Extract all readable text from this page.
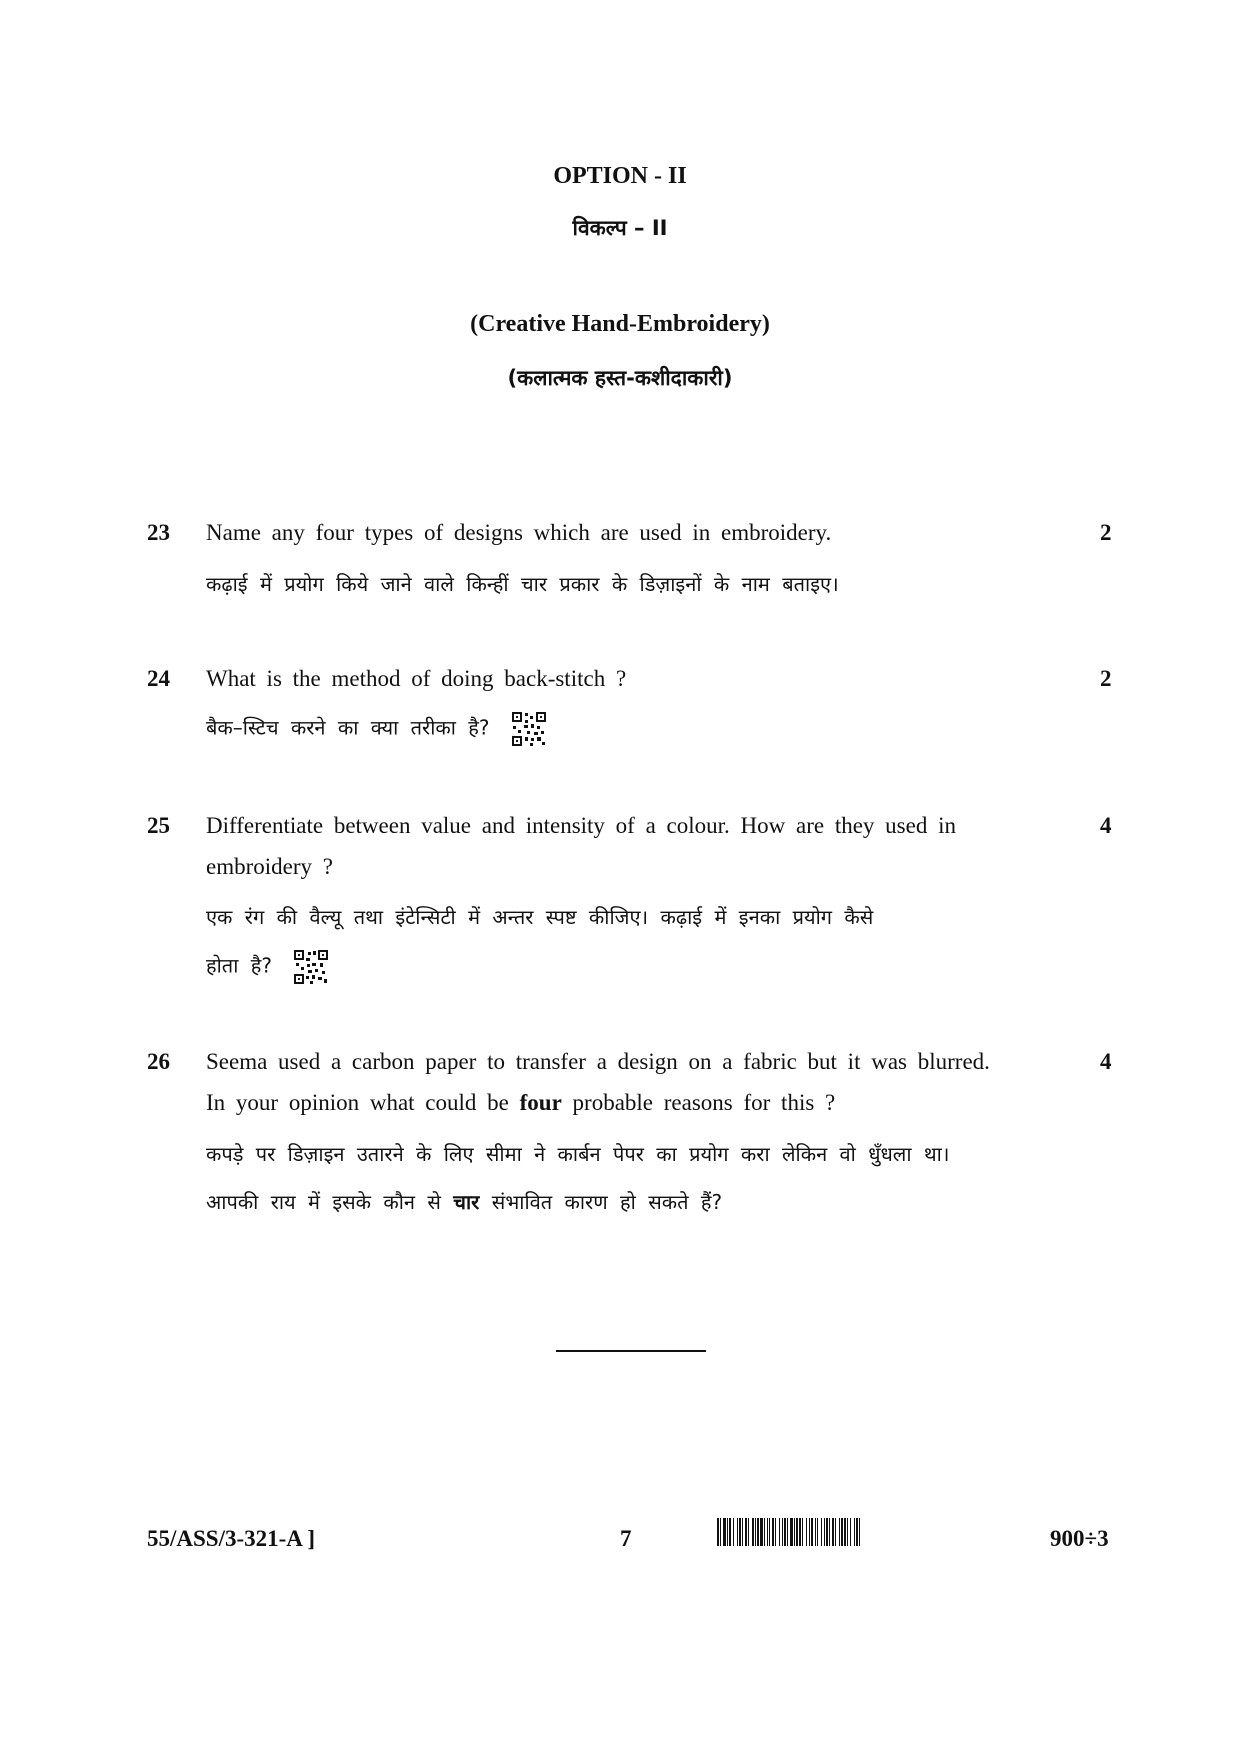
OPTION - II
विकल्प – II
(Creative Hand-Embroidery)
(कलात्मक हस्त-कशीदाकारी)
23 Name any four types of designs which are used in embroidery.	2
कढ़ाई में प्रयोग किये जाने वाले किन्हीं चार प्रकार के डिज़ाइनों के नाम बताइए।
24 What is the method of doing back-stitch ?	2
बैक–स्टिच करने का क्या तरीका है?
25 Differentiate between value and intensity of a colour. How are they used in	4
embroidery ?
एक रंग की वैल्यू तथा इंटेन्सिटी में अन्तर स्पष्ट कीजिए। कढ़ाई में इनका प्रयोग कैसे
होता है?
26 Seema used a carbon paper to transfer a design on a fabric but it was blurred.	4
In your opinion what could be four probable reasons for this ?
कपड़े पर डिज़ाइन उतारने के लिए सीमा ने कार्बन पेपर का प्रयोग करा लेकिन वो धुँधला था।
आपकी राय में इसके कौन से चार संभावित कारण हो सकते हैं?
55/ASS/3-321-A ]	7	900÷3
